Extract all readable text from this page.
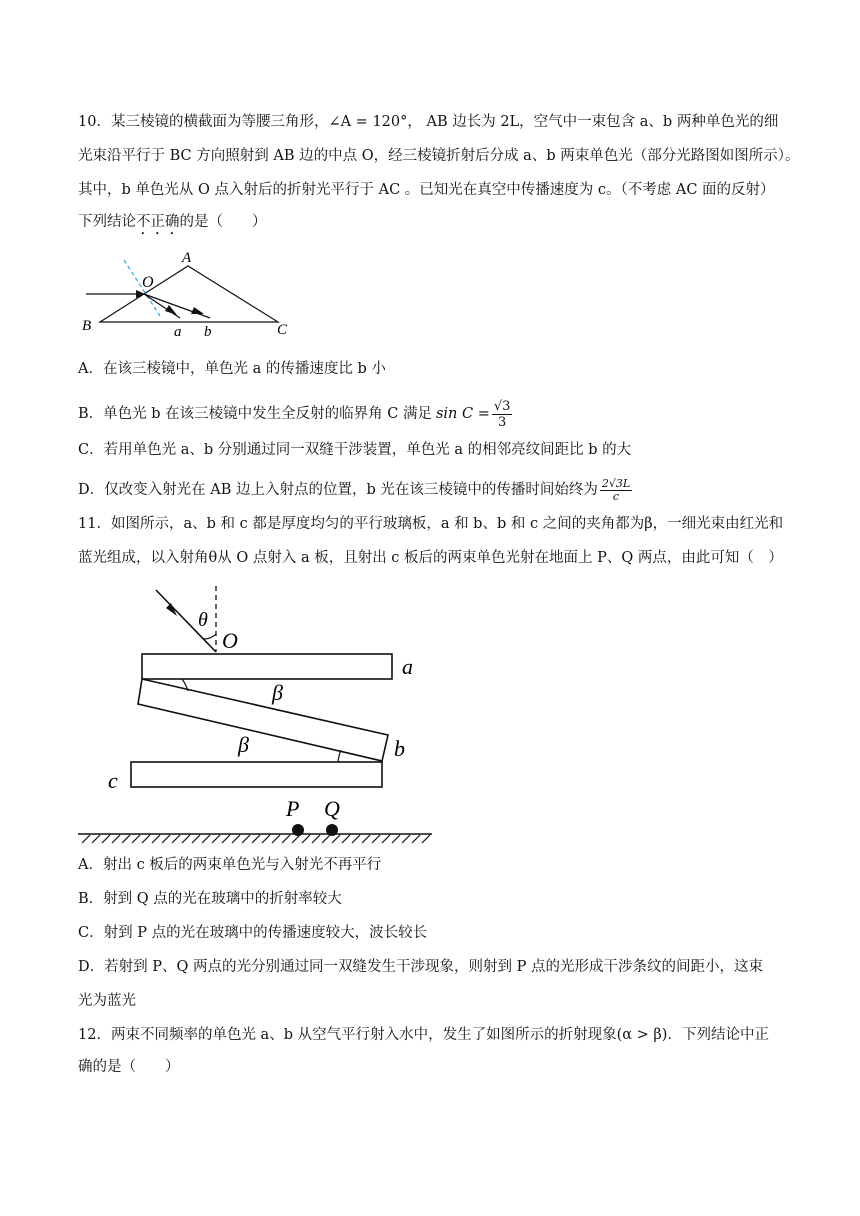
10．某三棱镜的横截面为等腰三角形，∠A = 120°， AB 边长为 2L，空气中一束包含 a、b 两种单色光的细
光束沿平行于 BC 方向照射到 AB 边的中点 O，经三棱镜折射后分成 a、b 两束单色光（部分光路图如图所示）。
其中，b 单色光从 O 点入射后的折射光平行于 AC 。已知光在真空中传播速度为 c。（不考虑 AC 面的反射）
下列结论不正确的是（　　）
A
O
B	C
a b
A．在该三棱镜中，单色光 a 的传播速度比 b 小
B．单色光 b 在该三棱镜中发生全反射的临界角 C 满足 $\sin C = \frac{√3}{3}$
C．若用单色光 a、b 分别通过同一双缝干涉装置，单色光 a 的相邻亮纹间距比 b 的大
D．仅改变入射光在 AB 边上入射点的位置，b 光在该三棱镜中的传播时间始终为 $\frac{2√3L}{c}$
11．如图所示，a、b 和 c 都是厚度均匀的平行玻璃板，a 和 b、b 和 c 之间的夹角都为β，一细光束由红光和
蓝光组成，以入射角θ从 O 点射入 a 板，且射出 c 板后的两束单色光射在地面上 P、Q 两点，由此可知（　）
θ
O
a
b
β
β
c
P Q
A．射出 c 板后的两束单色光与入射光不再平行
B．射到 Q 点的光在玻璃中的折射率较大
C．射到 P 点的光在玻璃中的传播速度较大，波长较长
D．若射到 P、Q 两点的光分别通过同一双缝发生干涉现象，则射到 P 点的光形成干涉条纹的间距小，这束
光为蓝光
12．两束不同频率的单色光 a、b 从空气平行射入水中，发生了如图所示的折射现象(α > β)．下列结论中正
确的是（　　）
